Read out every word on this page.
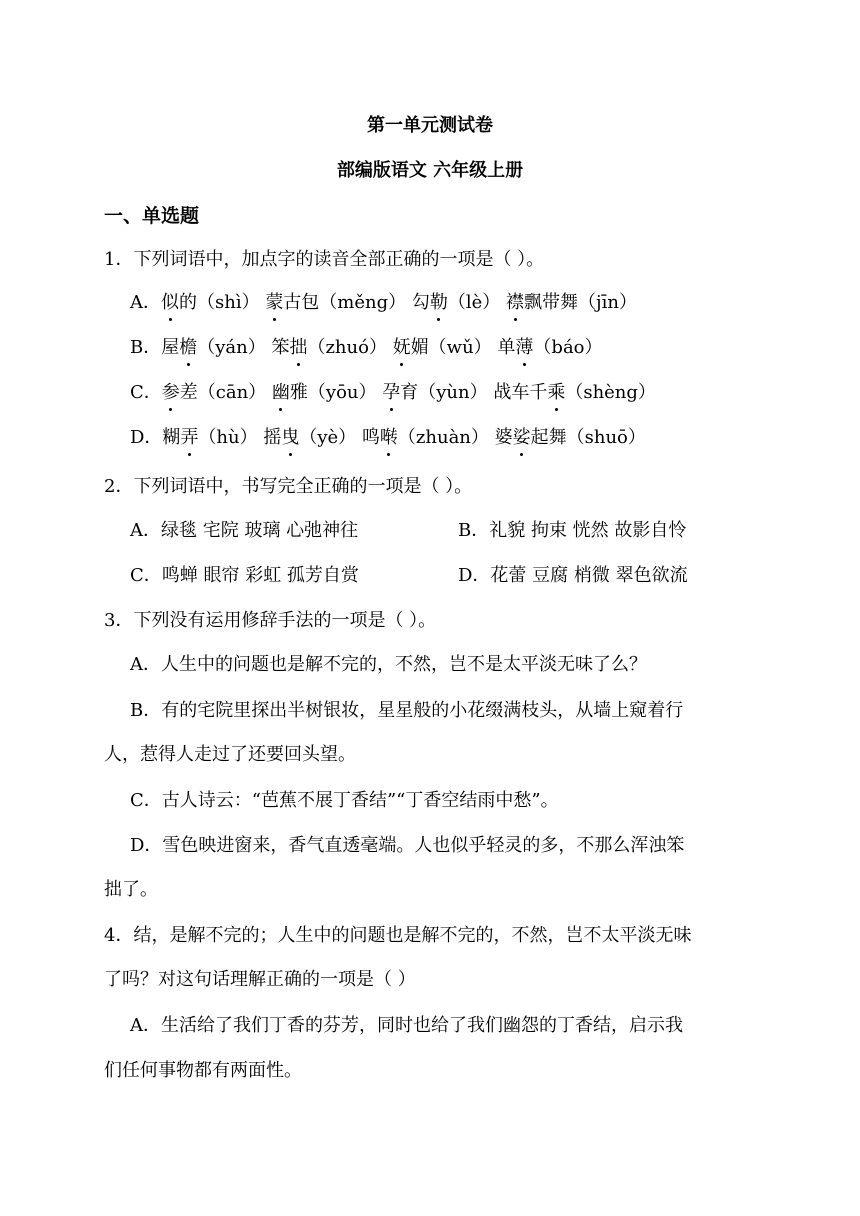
第一单元测试卷
部编版语文 六年级上册
一、单选题
1．下列词语中，加点字的读音全部正确的一项是（ ）。
A．似的（shì） 蒙古包（měng） 勾勒（lè） 襟飘带舞（jīn）
B．屋檐（yán） 笨拙（zhuó） 妩媚（wǔ） 单薄（báo）
C．参差（cān） 幽雅（yōu） 孕育（yùn） 战车千乘（shèng）
D．糊弄（hù） 摇曳（yè） 鸣啭（zhuàn） 婆娑起舞（shuō）
2．下列词语中，书写完全正确的一项是（ ）。
A．绿毯 宅院 玻璃 心弛神往	B．礼貌 拘束 恍然 故影自怜
C．鸣蝉 眼帘 彩虹 孤芳自赏	D．花蕾 豆腐 梢微 翠色欲流
3．下列没有运用修辞手法的一项是（ ）。
A．人生中的问题也是解不完的，不然，岂不是太平淡无味了么？
B．有的宅院里探出半树银妆，星星般的小花缀满枝头，从墙上窥着行
人，惹得人走过了还要回头望。
C．古人诗云：“芭蕉不展丁香结”“丁香空结雨中愁”。
D．雪色映进窗来，香气直透毫端。人也似乎轻灵的多，不那么浑浊笨
拙了。
4．结，是解不完的；人生中的问题也是解不完的，不然，岂不太平淡无味
了吗？对这句话理解正确的一项是（ ）
A．生活给了我们丁香的芬芳，同时也给了我们幽怨的丁香结，启示我
们任何事物都有两面性。
